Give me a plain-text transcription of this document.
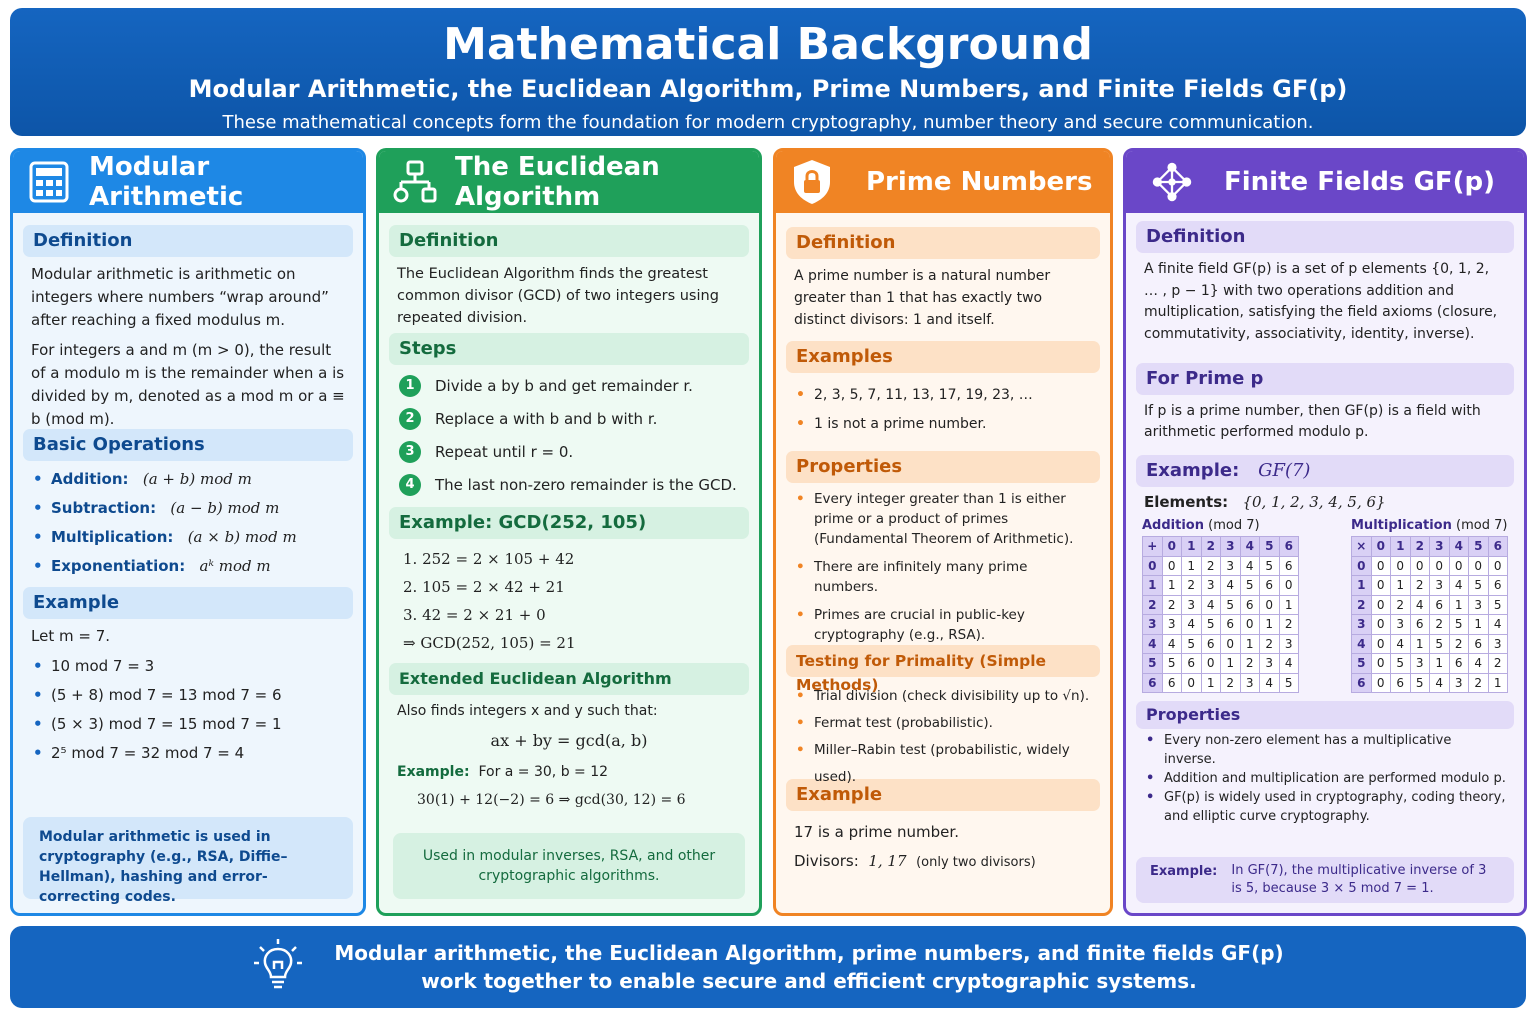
Mathematical Background
Modular Arithmetic, the Euclidean Algorithm, Prime Numbers, and Finite Fields GF(p)
These mathematical concepts form the foundation for modern cryptography, number theory and secure communication.
Modular Arithmetic
Definition
Modular arithmetic is arithmetic on integers where numbers “wrap around” after reaching a fixed modulus m.
For integers a and m (m > 0), the result of a modulo m is the remainder when a is divided by m, denoted as a mod m or a ≡ b (mod m).
Basic Operations
• Addition: (a + b) mod m
• Subtraction: (a − b) mod m
• Multiplication: (a × b) mod m
• Exponentiation: aᵏ mod m
Example
Let m = 7.
• 10 mod 7 = 3
• (5 + 8) mod 7 = 13 mod 7 = 6
• (5 × 3) mod 7 = 15 mod 7 = 1
• 2⁵ mod 7 = 32 mod 7 = 4
Modular arithmetic is used in cryptography (e.g., RSA, Diffie–Hellman), hashing and error-correcting codes.
The Euclidean Algorithm
Definition
The Euclidean Algorithm finds the greatest common divisor (GCD) of two integers using repeated division.
Steps
1	Divide a by b and get remainder r.
2	Replace a with b and b with r.
3	Repeat until r = 0.
4	The last non-zero remainder is the GCD.
Example: GCD(252, 105)
1. 252 = 2 × 105 + 42
2. 105 = 2 × 42 + 21
3. 42 = 2 × 21 + 0
⇒ GCD(252, 105) = 21
Extended Euclidean Algorithm
Also finds integers x and y such that:
ax + by = gcd(a, b)
Example: For a = 30, b = 12
30(1) + 12(−2) = 6 ⇒ gcd(30, 12) = 6
Used in modular inverses, RSA, and other cryptographic algorithms.
Prime Numbers
Definition
A prime number is a natural number greater than 1 that has exactly two distinct divisors: 1 and itself.
Examples
• 2, 3, 5, 7, 11, 13, 17, 19, 23, …
• 1 is not a prime number.
Properties
• Every integer greater than 1 is either prime or a product of primes (Fundamental Theorem of Arithmetic).
• There are infinitely many prime numbers.
• Primes are crucial in public-key cryptography (e.g., RSA).
Testing for Primality (Simple Methods)
• Trial division (check divisibility up to √n).
• Fermat test (probabilistic).
• Miller–Rabin test (probabilistic, widely used).
Example
17 is a prime number.
Divisors: 1, 17 (only two divisors)
Finite Fields GF(p)
Definition
A finite field GF(p) is a set of p elements {0, 1, 2, … , p − 1} with two operations addition and multiplication, satisfying the field axioms (closure, commutativity, associativity, identity, inverse).
For Prime p
If p is a prime number, then GF(p) is a field with arithmetic performed modulo p.
Example: GF(7)
Elements: {0, 1, 2, 3, 4, 5, 6}
Addition (mod 7)
+	0	1	2	3	4	5	6
0	0	1	2	3	4	5	6
1	1	2	3	4	5	6	0
2	2	3	4	5	6	0	1
3	3	4	5	6	0	1	2
4	4	5	6	0	1	2	3
5	5	6	0	1	2	3	4
6	6	0	1	2	3	4	5
Multiplication (mod 7)
×	0	1	2	3	4	5	6
0	0	0	0	0	0	0	0
1	0	1	2	3	4	5	6
2	0	2	4	6	1	3	5
3	0	3	6	2	5	1	4
4	0	4	1	5	2	6	3
5	0	5	3	1	6	4	2
6	0	6	5	4	3	2	1
Properties
• Every non-zero element has a multiplicative inverse.
• Addition and multiplication are performed modulo p.
• GF(p) is widely used in cryptography, coding theory, and elliptic curve cryptography.
Example: In GF(7), the multiplicative inverse of 3 is 5, because 3 × 5 mod 7 = 1.
Modular arithmetic, the Euclidean Algorithm, prime numbers, and finite fields GF(p)
work together to enable secure and efficient cryptographic systems.
